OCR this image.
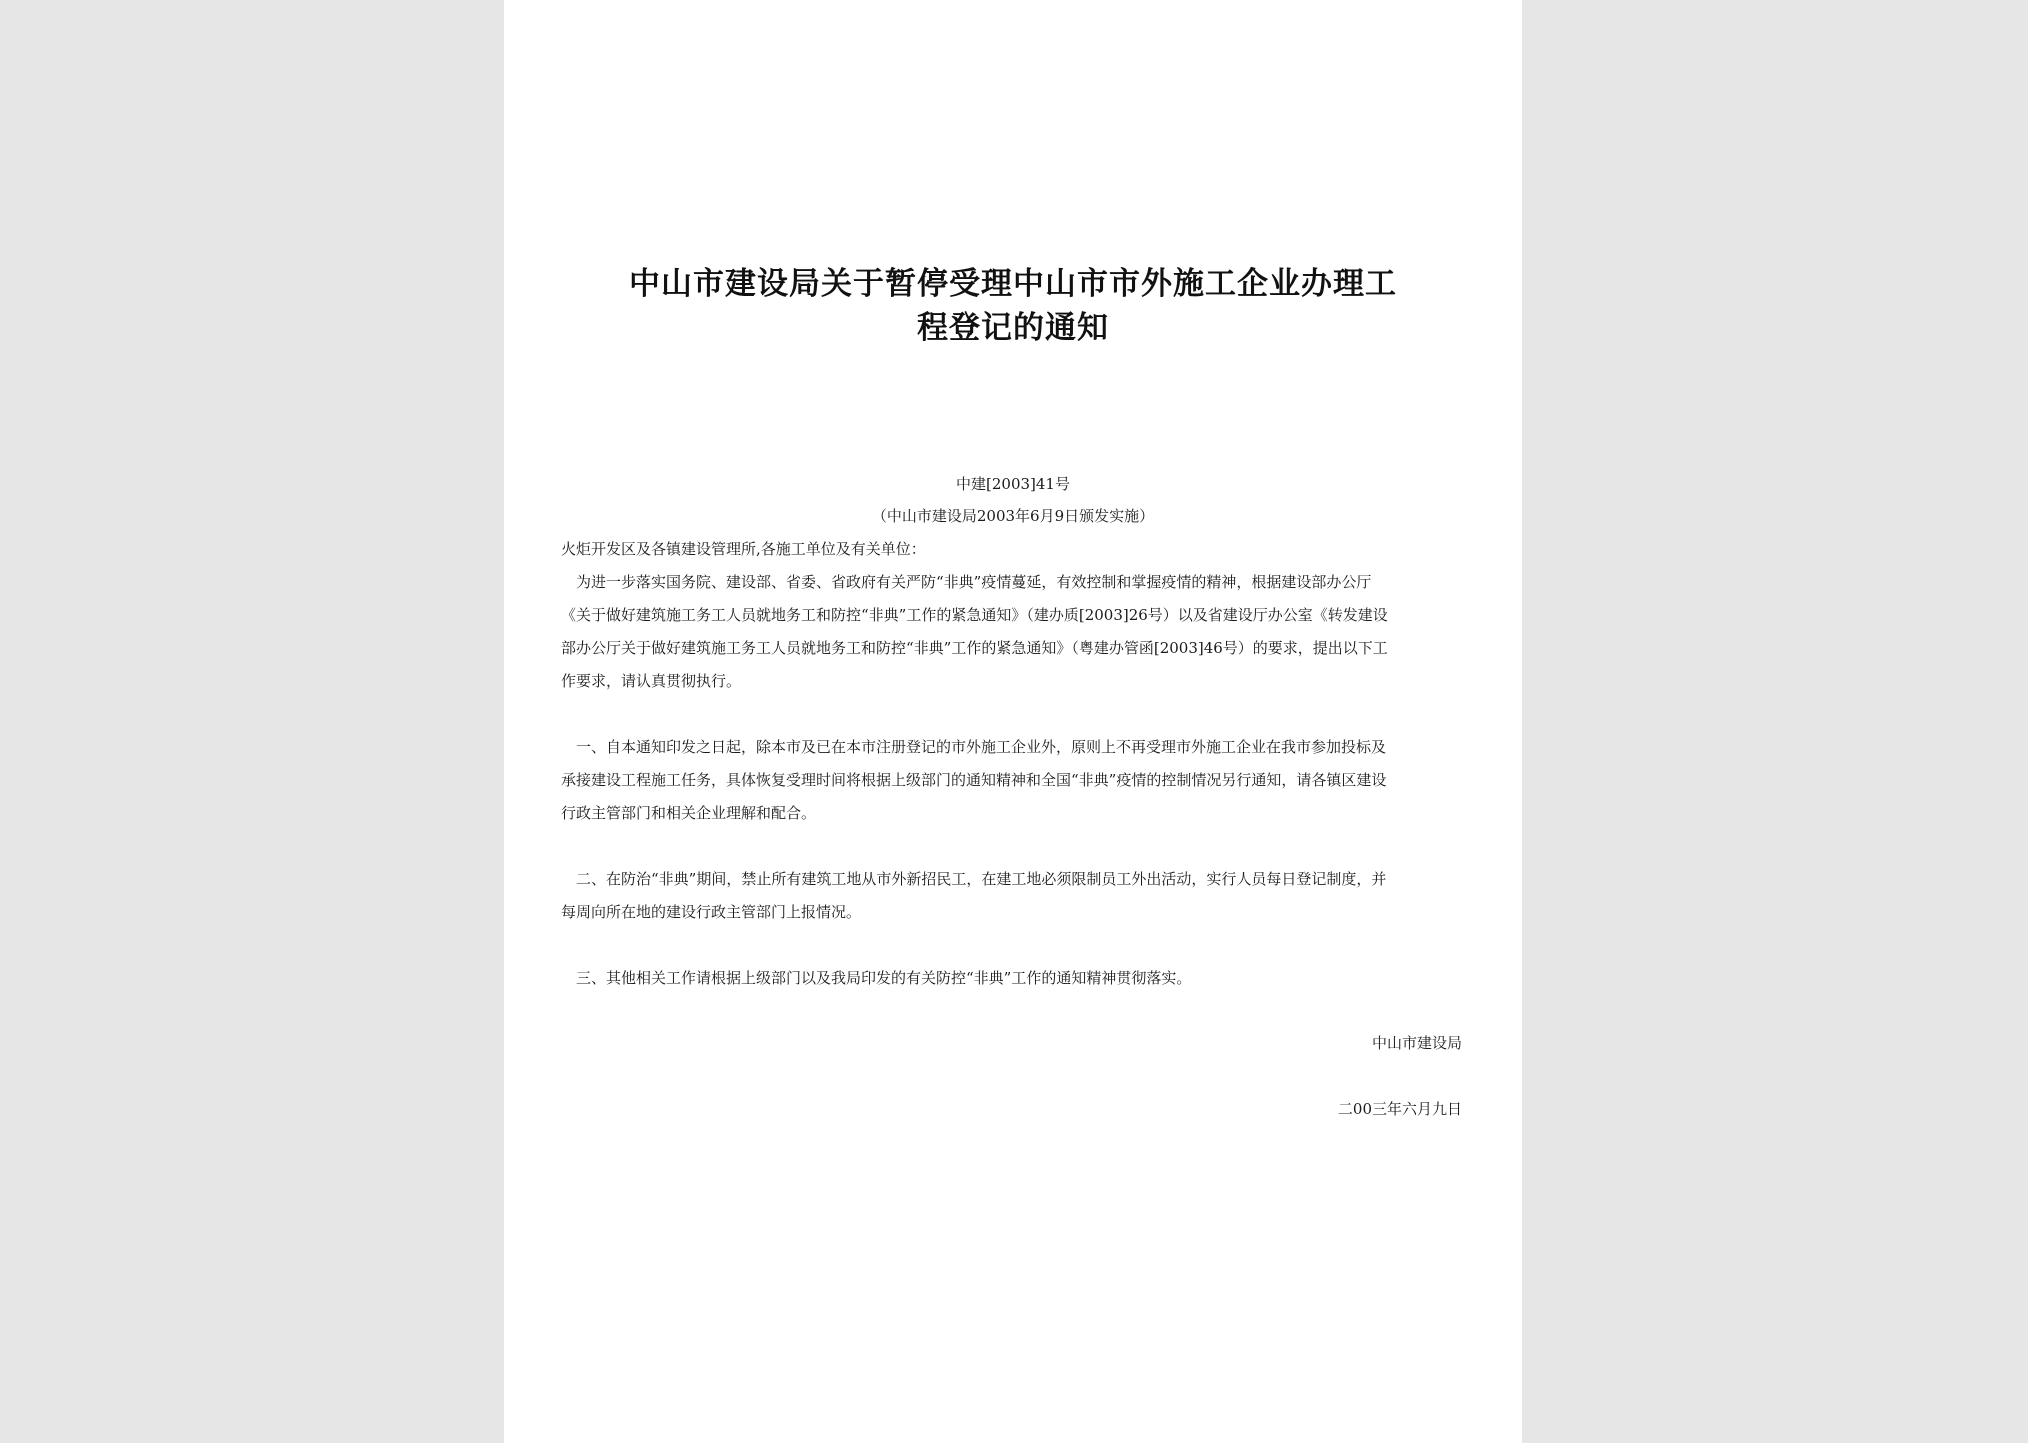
中山市建设局关于暂停受理中山市市外施工企业办理工
程登记的通知
中建[2003]41号
（中山市建设局2003年6月9日颁发实施）
火炬开发区及各镇建设管理所,各施工单位及有关单位：
　为进一步落实国务院、建设部、省委、省政府有关严防“非典”疫情蔓延，有效控制和掌握疫情的精神，根据建设部办公厅
《关于做好建筑施工务工人员就地务工和防控“非典”工作的紧急通知》（建办质[2003]26号）以及省建设厅办公室《转发建设
部办公厅关于做好建筑施工务工人员就地务工和防控“非典”工作的紧急通知》（粤建办管函[2003]46号）的要求，提出以下工
作要求，请认真贯彻执行。
　一、自本通知印发之日起，除本市及已在本市注册登记的市外施工企业外，原则上不再受理市外施工企业在我市参加投标及
承接建设工程施工任务，具体恢复受理时间将根据上级部门的通知精神和全国“非典”疫情的控制情况另行通知，请各镇区建设
行政主管部门和相关企业理解和配合。
　二、在防治“非典”期间，禁止所有建筑工地从市外新招民工，在建工地必须限制员工外出活动，实行人员每日登记制度，并
每周向所在地的建设行政主管部门上报情况。
　三、其他相关工作请根据上级部门以及我局印发的有关防控“非典”工作的通知精神贯彻落实。
中山市建设局
二00三年六月九日
